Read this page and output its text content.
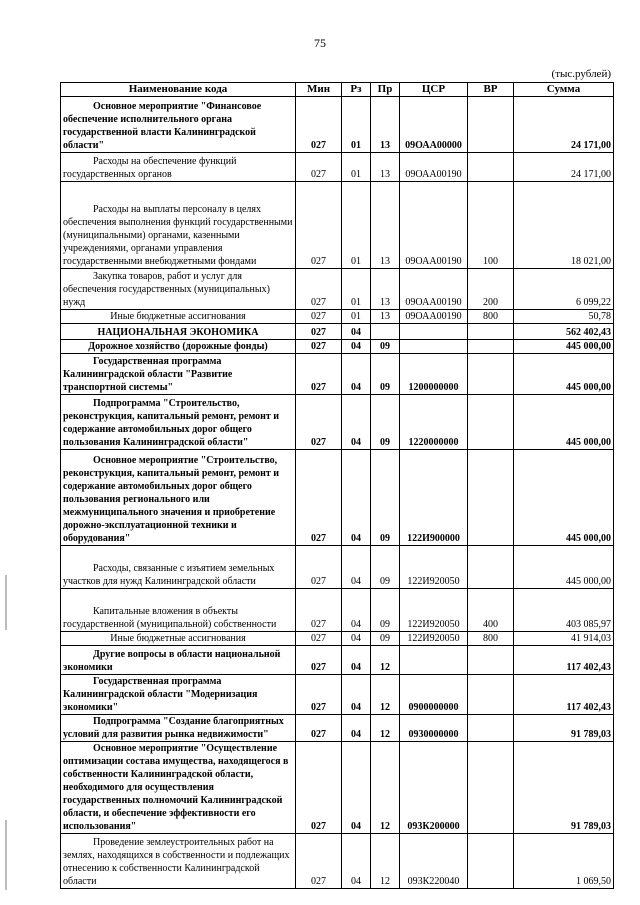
75
(тыс.рублей)
Наименование кода	Мин	Рз	Пр	ЦСР	ВР	Сумма
Основное мероприятие "Финансовое обеспечение исполнительного органа государственной власти Калининградской области"	027	01	13	09ОАА00000		24 171,00
Расходы на обеспечение функций государственных органов	027	01	13	09ОАА00190		24 171,00
Расходы на выплаты персоналу в целях обеспечения выполнения функций государственными (муниципальными) органами, казенными учреждениями, органами управления государственными внебюджетными фондами	027	01	13	09ОАА00190	100	18 021,00
Закупка товаров, работ и услуг для обеспечения государственных (муниципальных) нужд	027	01	13	09ОАА00190	200	6 099,22
Иные бюджетные ассигнования	027	01	13	09ОАА00190	800	50,78
НАЦИОНАЛЬНАЯ ЭКОНОМИКА	027	04				562 402,43
Дорожное хозяйство (дорожные фонды)	027	04	09			445 000,00
Государственная программа Калининградской области "Развитие транспортной системы"	027	04	09	1200000000		445 000,00
Подпрограмма "Строительство, реконструкция, капитальный ремонт, ремонт и содержание автомобильных дорог общего пользования Калининградской области"	027	04	09	1220000000		445 000,00
Основное мероприятие "Строительство, реконструкция, капитальный ремонт, ремонт и содержание автомобильных дорог общего пользования регионального или межмуниципального значения и приобретение дорожно-эксплуатационной техники и оборудования"	027	04	09	122И900000		445 000,00
Расходы, связанные с изъятием земельных участков для нужд Калининградской области	027	04	09	122И920050		445 000,00
Капитальные вложения в объекты государственной (муниципальной) собственности	027	04	09	122И920050	400	403 085,97
Иные бюджетные ассигнования	027	04	09	122И920050	800	41 914,03
Другие вопросы в области национальной экономики	027	04	12			117 402,43
Государственная программа Калининградской области "Модернизация экономики"	027	04	12	0900000000		117 402,43
Подпрограмма "Создание благоприятных условий для развития рынка недвижимости"	027	04	12	0930000000		91 789,03
Основное мероприятие "Осуществление оптимизации состава имущества, находящегося в собственности Калининградской области, необходимого для осуществления государственных полномочий Калининградской области, и обеспечение эффективности его использования"	027	04	12	093К200000		91 789,03
Проведение землеустроительных работ на землях, находящихся в собственности и подлежащих отнесению к собственности Калининградской области	027	04	12	093К220040		1 069,50
